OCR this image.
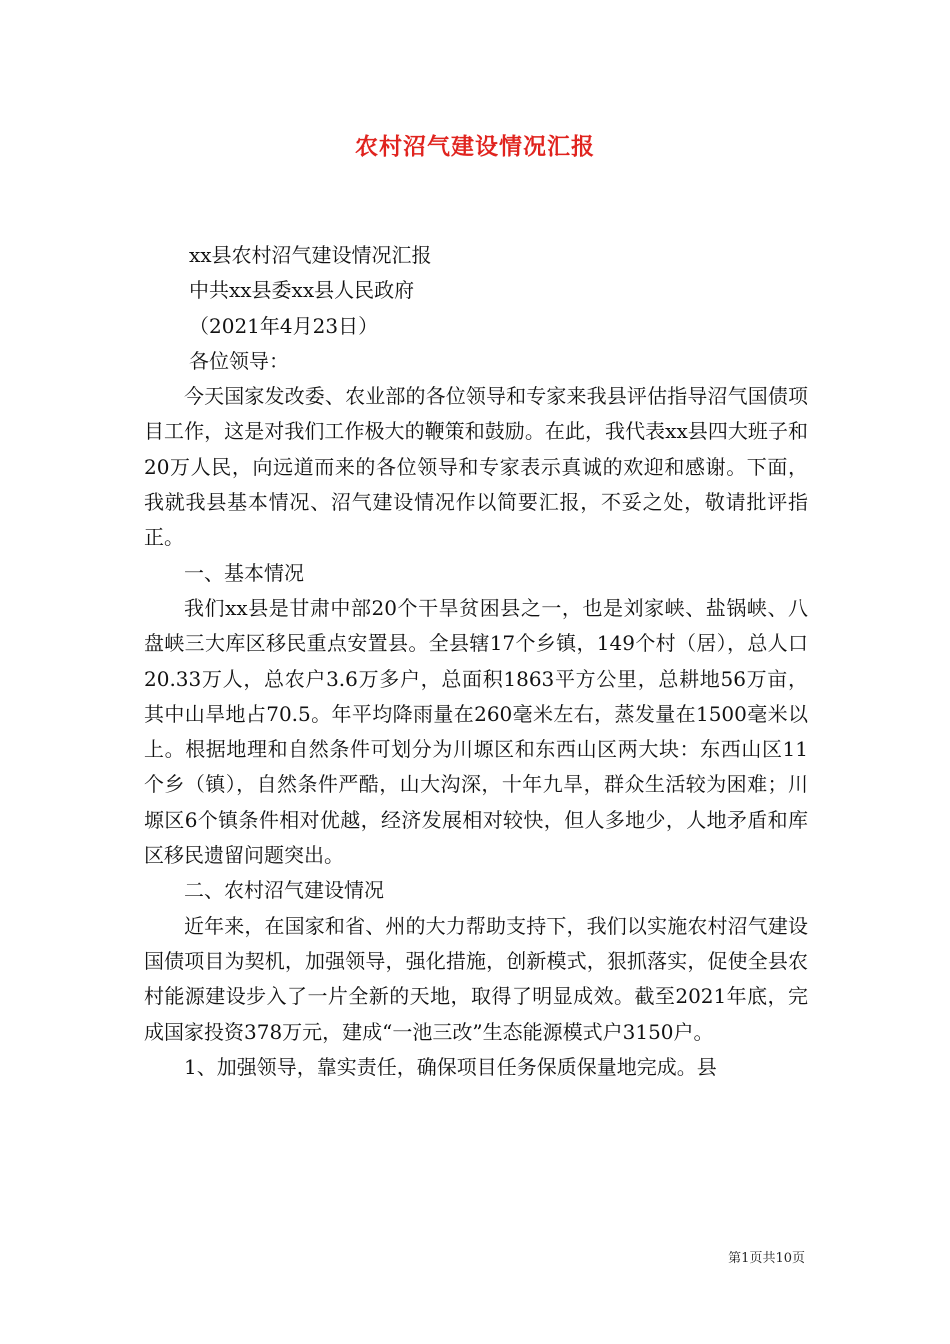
农村沼气建设情况汇报

xx县农村沼气建设情况汇报

中共xx县委xx县人民政府

（2021年4月23日）

各位领导：

今天国家发改委、农业部的各位领导和专家来我县评估指导沼气国债项目工作，这是对我们工作极大的鞭策和鼓励。在此，我代表xx县四大班子和20万人民，向远道而来的各位领导和专家表示真诚的欢迎和感谢。下面，我就我县基本情况、沼气建设情况作以简要汇报，不妥之处，敬请批评指正。

一、基本情况

我们xx县是甘肃中部20个干旱贫困县之一，也是刘家峡、盐锅峡、八盘峡三大库区移民重点安置县。全县辖17个乡镇，149个村（居），总人口20.33万人，总农户3.6万多户，总面积1863平方公里，总耕地56万亩，其中山旱地占70.5。年平均降雨量在260毫米左右，蒸发量在1500毫米以上。根据地理和自然条件可划分为川塬区和东西山区两大块：东西山区11个乡（镇），自然条件严酷，山大沟深，十年九旱，群众生活较为困难；川塬区6个镇条件相对优越，经济发展相对较快，但人多地少，人地矛盾和库区移民遗留问题突出。

二、农村沼气建设情况

近年来，在国家和省、州的大力帮助支持下，我们以实施农村沼气建设国债项目为契机，加强领导，强化措施，创新模式，狠抓落实，促使全县农村能源建设步入了一片全新的天地，取得了明显成效。截至2021年底，完成国家投资378万元，建成“一池三改”生态能源模式户3150户。

1、加强领导，靠实责任，确保项目任务保质保量地完成。县

第1页共10页
